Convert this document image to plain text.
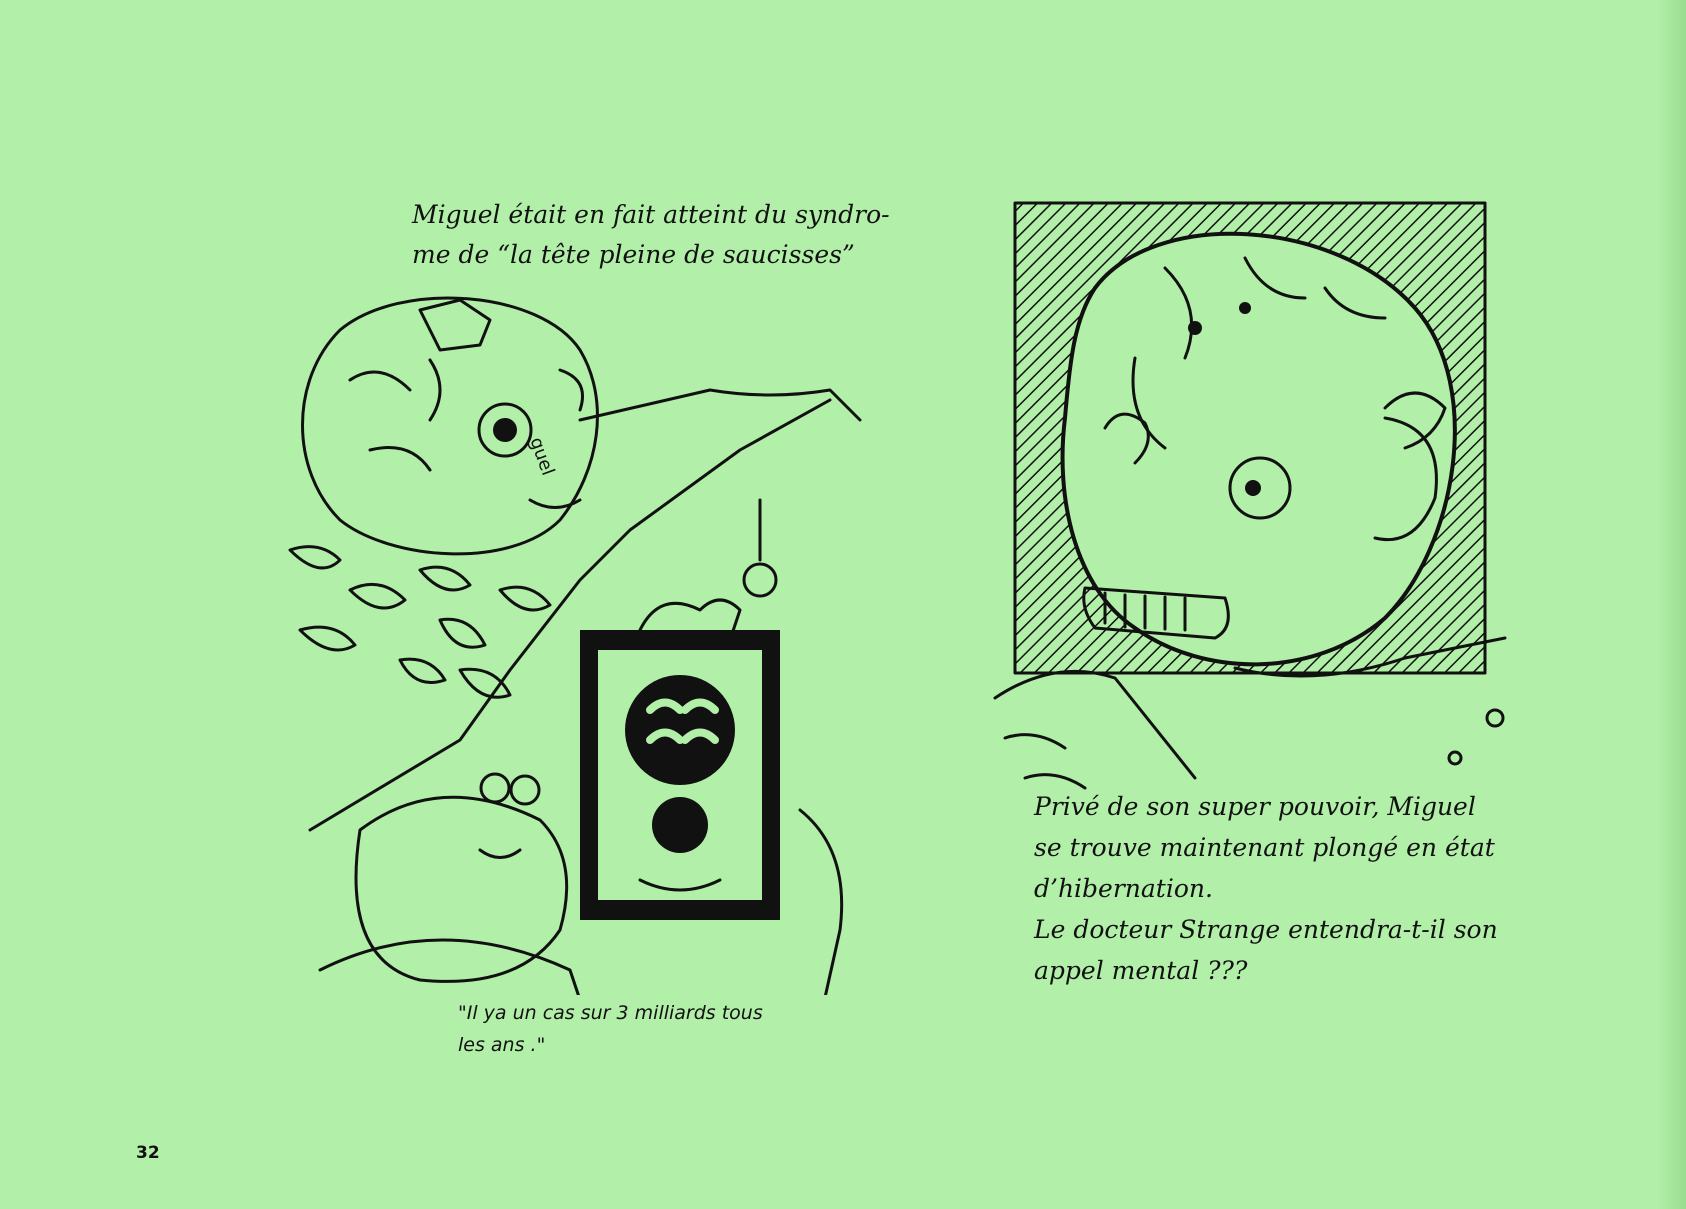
Miguel était en fait atteint du syndro-
me de “la tête pleine de saucisses”
guel
"Il ya un cas sur 3 milliards tous
les ans ."
Privé de son super pouvoir, Miguel
se trouve maintenant plongé en état
d’hibernation.
Le docteur Strange entendra-t-il son
appel mental ???
32
